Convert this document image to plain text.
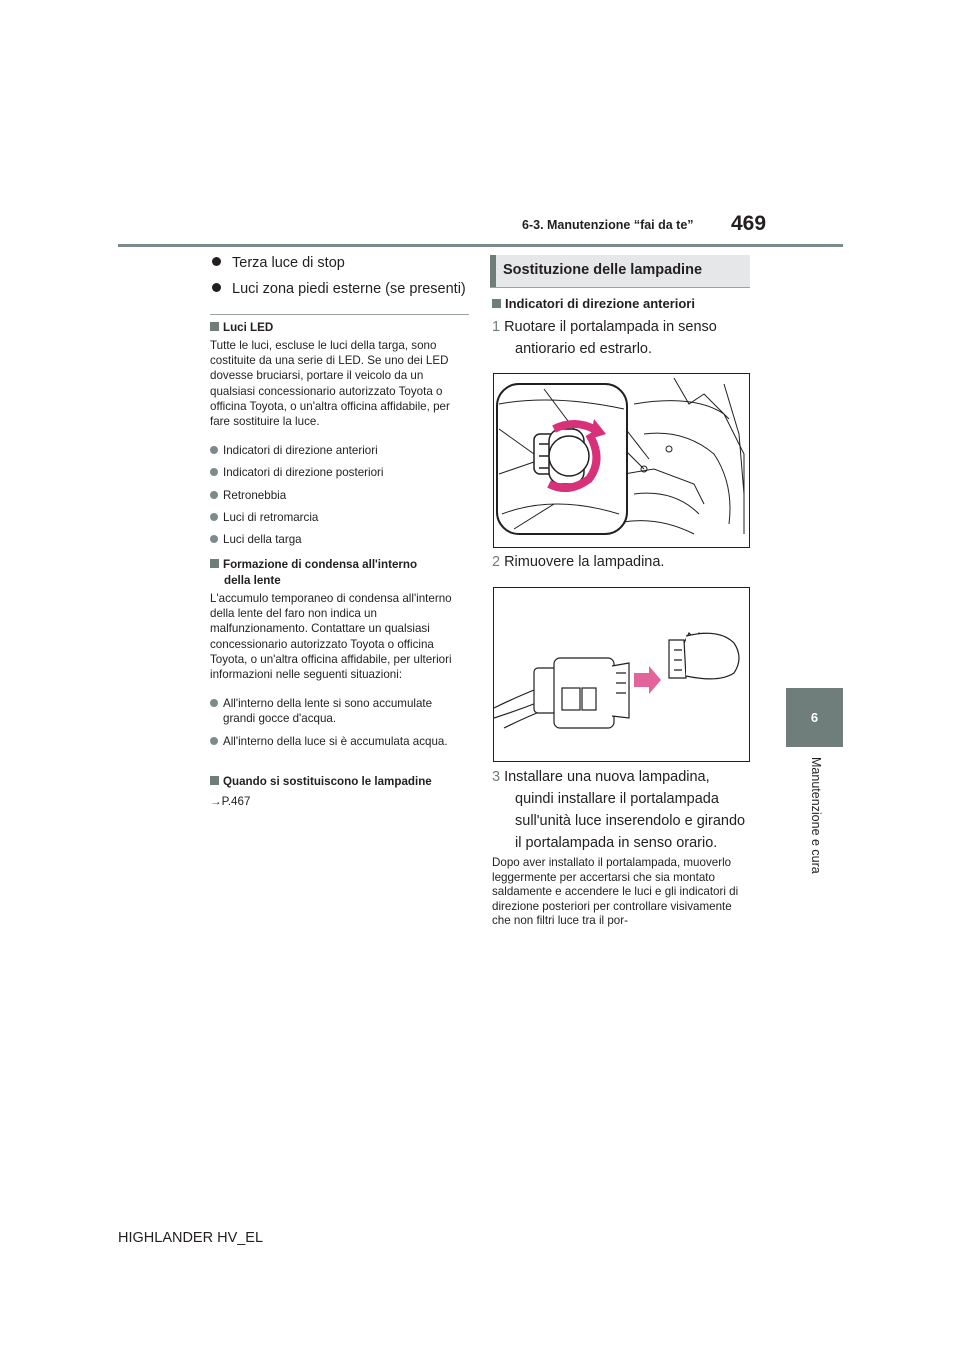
6-3. Manutenzione “fai da te” 469
6
Manutenzione e cura
Terza luce di stop
Luci zona piedi esterne (se presenti)
Luci LED
Tutte le luci, escluse le luci della targa, sono costituite da una serie di LED. Se uno dei LED dovesse bruciarsi, portare il veicolo da un qualsiasi concessionario autorizzato Toyota o officina Toyota, o un'altra officina affidabile, per fare sostituire la luce.
Indicatori di direzione anteriori
Indicatori di direzione posteriori
Retronebbia
Luci di retromarcia
Luci della targa
Formazione di condensa all'interno
della lente
L'accumulo temporaneo di condensa all'interno della lente del faro non indica un malfunzionamento. Contattare un qualsiasi concessionario autorizzato Toyota o officina Toyota, o un'altra officina affidabile, per ulteriori informazioni nelle seguenti situazioni:
All'interno della lente si sono accumulate grandi gocce d'acqua.
All'interno della luce si è accumulata acqua.
Quando si sostituiscono le lampadine
→P.467
Sostituzione delle lampadine
Indicatori di direzione anteriori
1 Ruotare il portalampada in senso
antiorario ed estrarlo.
2 Rimuovere la lampadina.
3 Installare una nuova lampadina,
quindi installare il portalampada
sull'unità luce inserendolo e girando
il portalampada in senso orario.
Dopo aver installato il portalampada, muoverlo leggermente per accertarsi che sia montato saldamente e accendere le luci e gli indicatori di direzione posteriori per controllare visivamente che non filtri luce tra il por-
HIGHLANDER HV_EL
